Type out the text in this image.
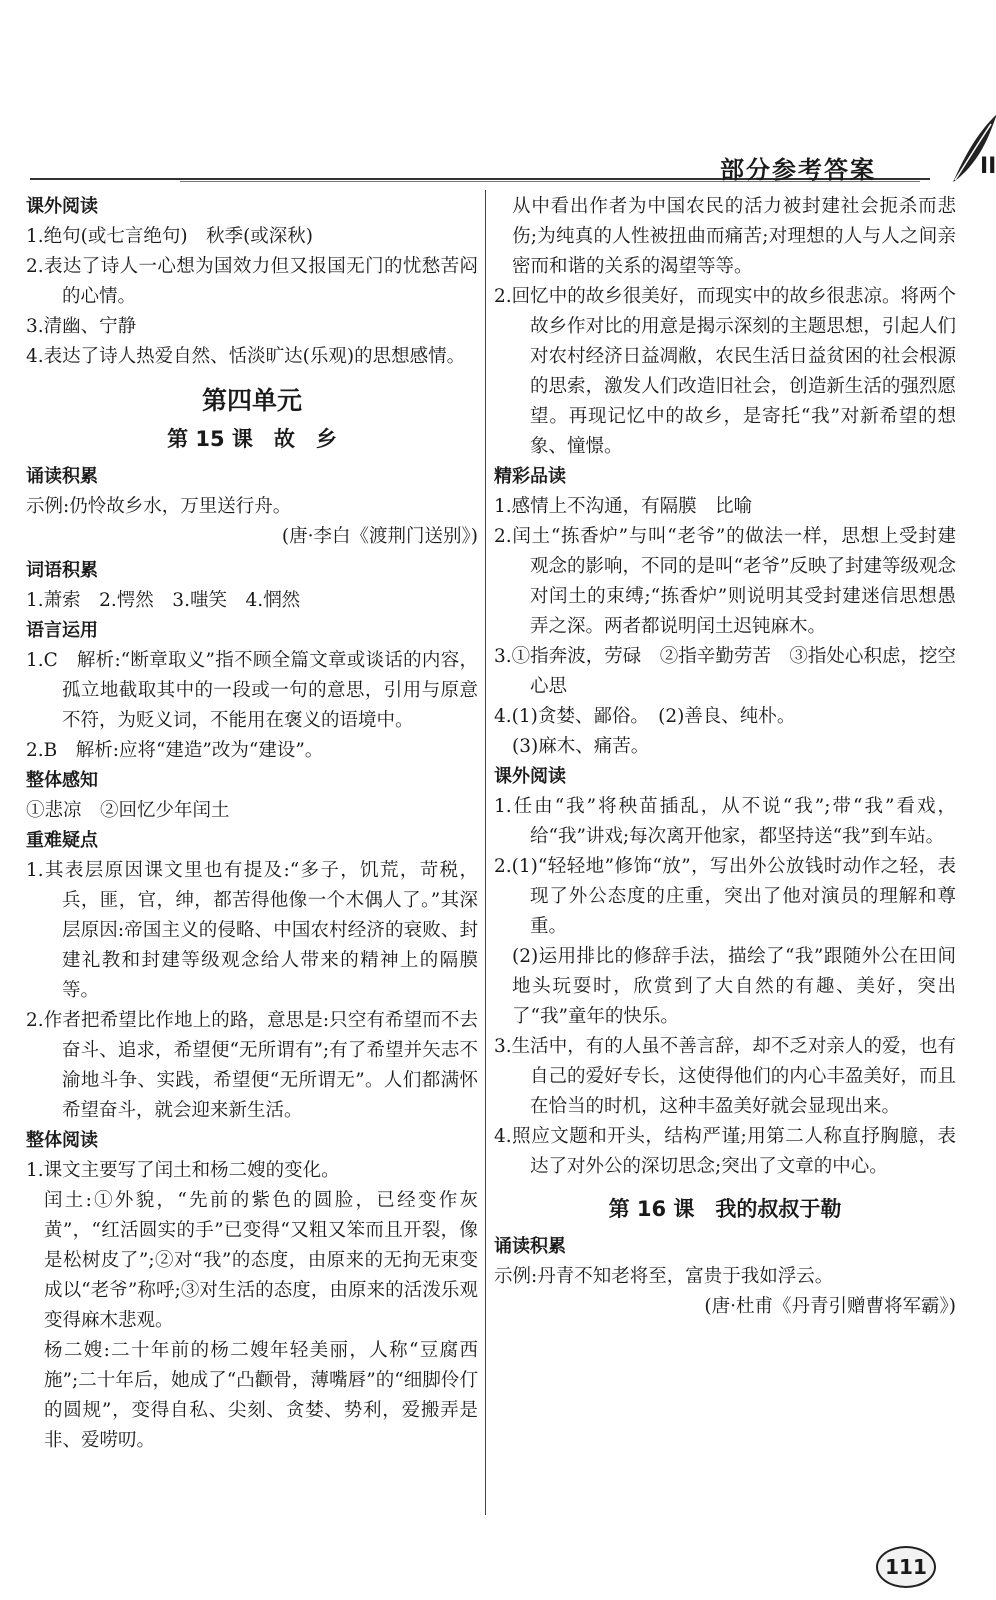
部分参考答案	II
课外阅读

1.绝句(或七言绝句)　秋季(或深秋)

2.表达了诗人一心想为国效力但又报国无门的忧愁苦闷的心情。

3.清幽、宁静

4.表达了诗人热爱自然、恬淡旷达(乐观)的思想感情。

第四单元
第 15 课　故　乡
诵读积累

示例:仍怜故乡水，万里送行舟。

(唐·李白《渡荆门送别》)

词语积累

1.萧索　2.愕然　3.嗤笑　4.惘然

语言运用

1.C　解析:“断章取义”指不顾全篇文章或谈话的内容，孤立地截取其中的一段或一句的意思，引用与原意不符，为贬义词，不能用在褒义的语境中。

2.B　解析:应将“建造”改为“建设”。

整体感知

①悲凉　②回忆少年闰土

重难疑点

1.其表层原因课文里也有提及:“多子，饥荒，苛税，兵，匪，官，绅，都苦得他像一个木偶人了。”其深层原因:帝国主义的侵略、中国农村经济的衰败、封建礼教和封建等级观念给人带来的精神上的隔膜等。

2.作者把希望比作地上的路，意思是:只空有希望而不去奋斗、追求，希望便“无所谓有”;有了希望并矢志不渝地斗争、实践，希望便“无所谓无”。人们都满怀希望奋斗，就会迎来新生活。

整体阅读

1.课文主要写了闰土和杨二嫂的变化。

闰土:①外貌，“先前的紫色的圆脸，已经变作灰黄”，“红活圆实的手”已变得“又粗又笨而且开裂，像是松树皮了”;②对“我”的态度，由原来的无拘无束变成以“老爷”称呼;③对生活的态度，由原来的活泼乐观变得麻木悲观。

杨二嫂:二十年前的杨二嫂年轻美丽，人称“豆腐西施”;二十年后，她成了“凸颧骨，薄嘴唇”的“细脚伶仃的圆规”，变得自私、尖刻、贪婪、势利，爱搬弄是非、爱唠叨。

从中看出作者为中国农民的活力被封建社会扼杀而悲伤;为纯真的人性被扭曲而痛苦;对理想的人与人之间亲密而和谐的关系的渴望等等。

2.回忆中的故乡很美好，而现实中的故乡很悲凉。将两个故乡作对比的用意是揭示深刻的主题思想，引起人们对农村经济日益凋敝，农民生活日益贫困的社会根源的思索，激发人们改造旧社会，创造新生活的强烈愿望。再现记忆中的故乡，是寄托“我”对新希望的想象、憧憬。

精彩品读

1.感情上不沟通，有隔膜　比喻

2.闰土“拣香炉”与叫“老爷”的做法一样，思想上受封建观念的影响，不同的是叫“老爷”反映了封建等级观念对闰土的束缚;“拣香炉”则说明其受封建迷信思想愚弄之深。两者都说明闰土迟钝麻木。

3.①指奔波，劳碌　②指辛勤劳苦　③指处心积虑，挖空心思

4.(1)贪婪、鄙俗。　(2)善良、纯朴。

(3)麻木、痛苦。

课外阅读

1.任由“我”将秧苗插乱，从不说“我”;带“我”看戏，给“我”讲戏;每次离开他家，都坚持送“我”到车站。

2.(1)“轻轻地”修饰“放”，写出外公放钱时动作之轻，表现了外公态度的庄重，突出了他对演员的理解和尊重。

(2)运用排比的修辞手法，描绘了“我”跟随外公在田间地头玩耍时，欣赏到了大自然的有趣、美好，突出了“我”童年的快乐。

3.生活中，有的人虽不善言辞，却不乏对亲人的爱，也有自己的爱好专长，这使得他们的内心丰盈美好，而且在恰当的时机，这种丰盈美好就会显现出来。

4.照应文题和开头，结构严谨;用第二人称直抒胸臆，表达了对外公的深切思念;突出了文章的中心。

第 16 课　我的叔叔于勒
诵读积累

示例:丹青不知老将至，富贵于我如浮云。

(唐·杜甫《丹青引赠曹将军霸》)

111
